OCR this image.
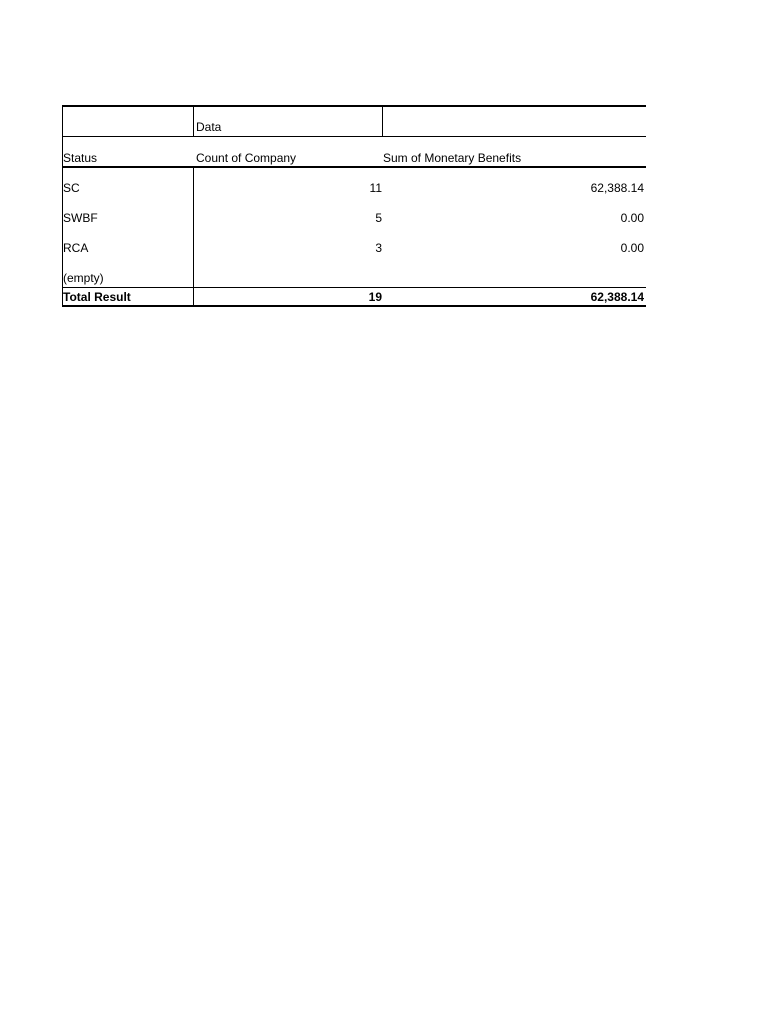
Data
Status	Count of Company	Sum of Monetary Benefits
SC	11	62,388.14
SWBF	5	0.00
RCA	3	0.00
(empty)
Total Result	19	62,388.14
